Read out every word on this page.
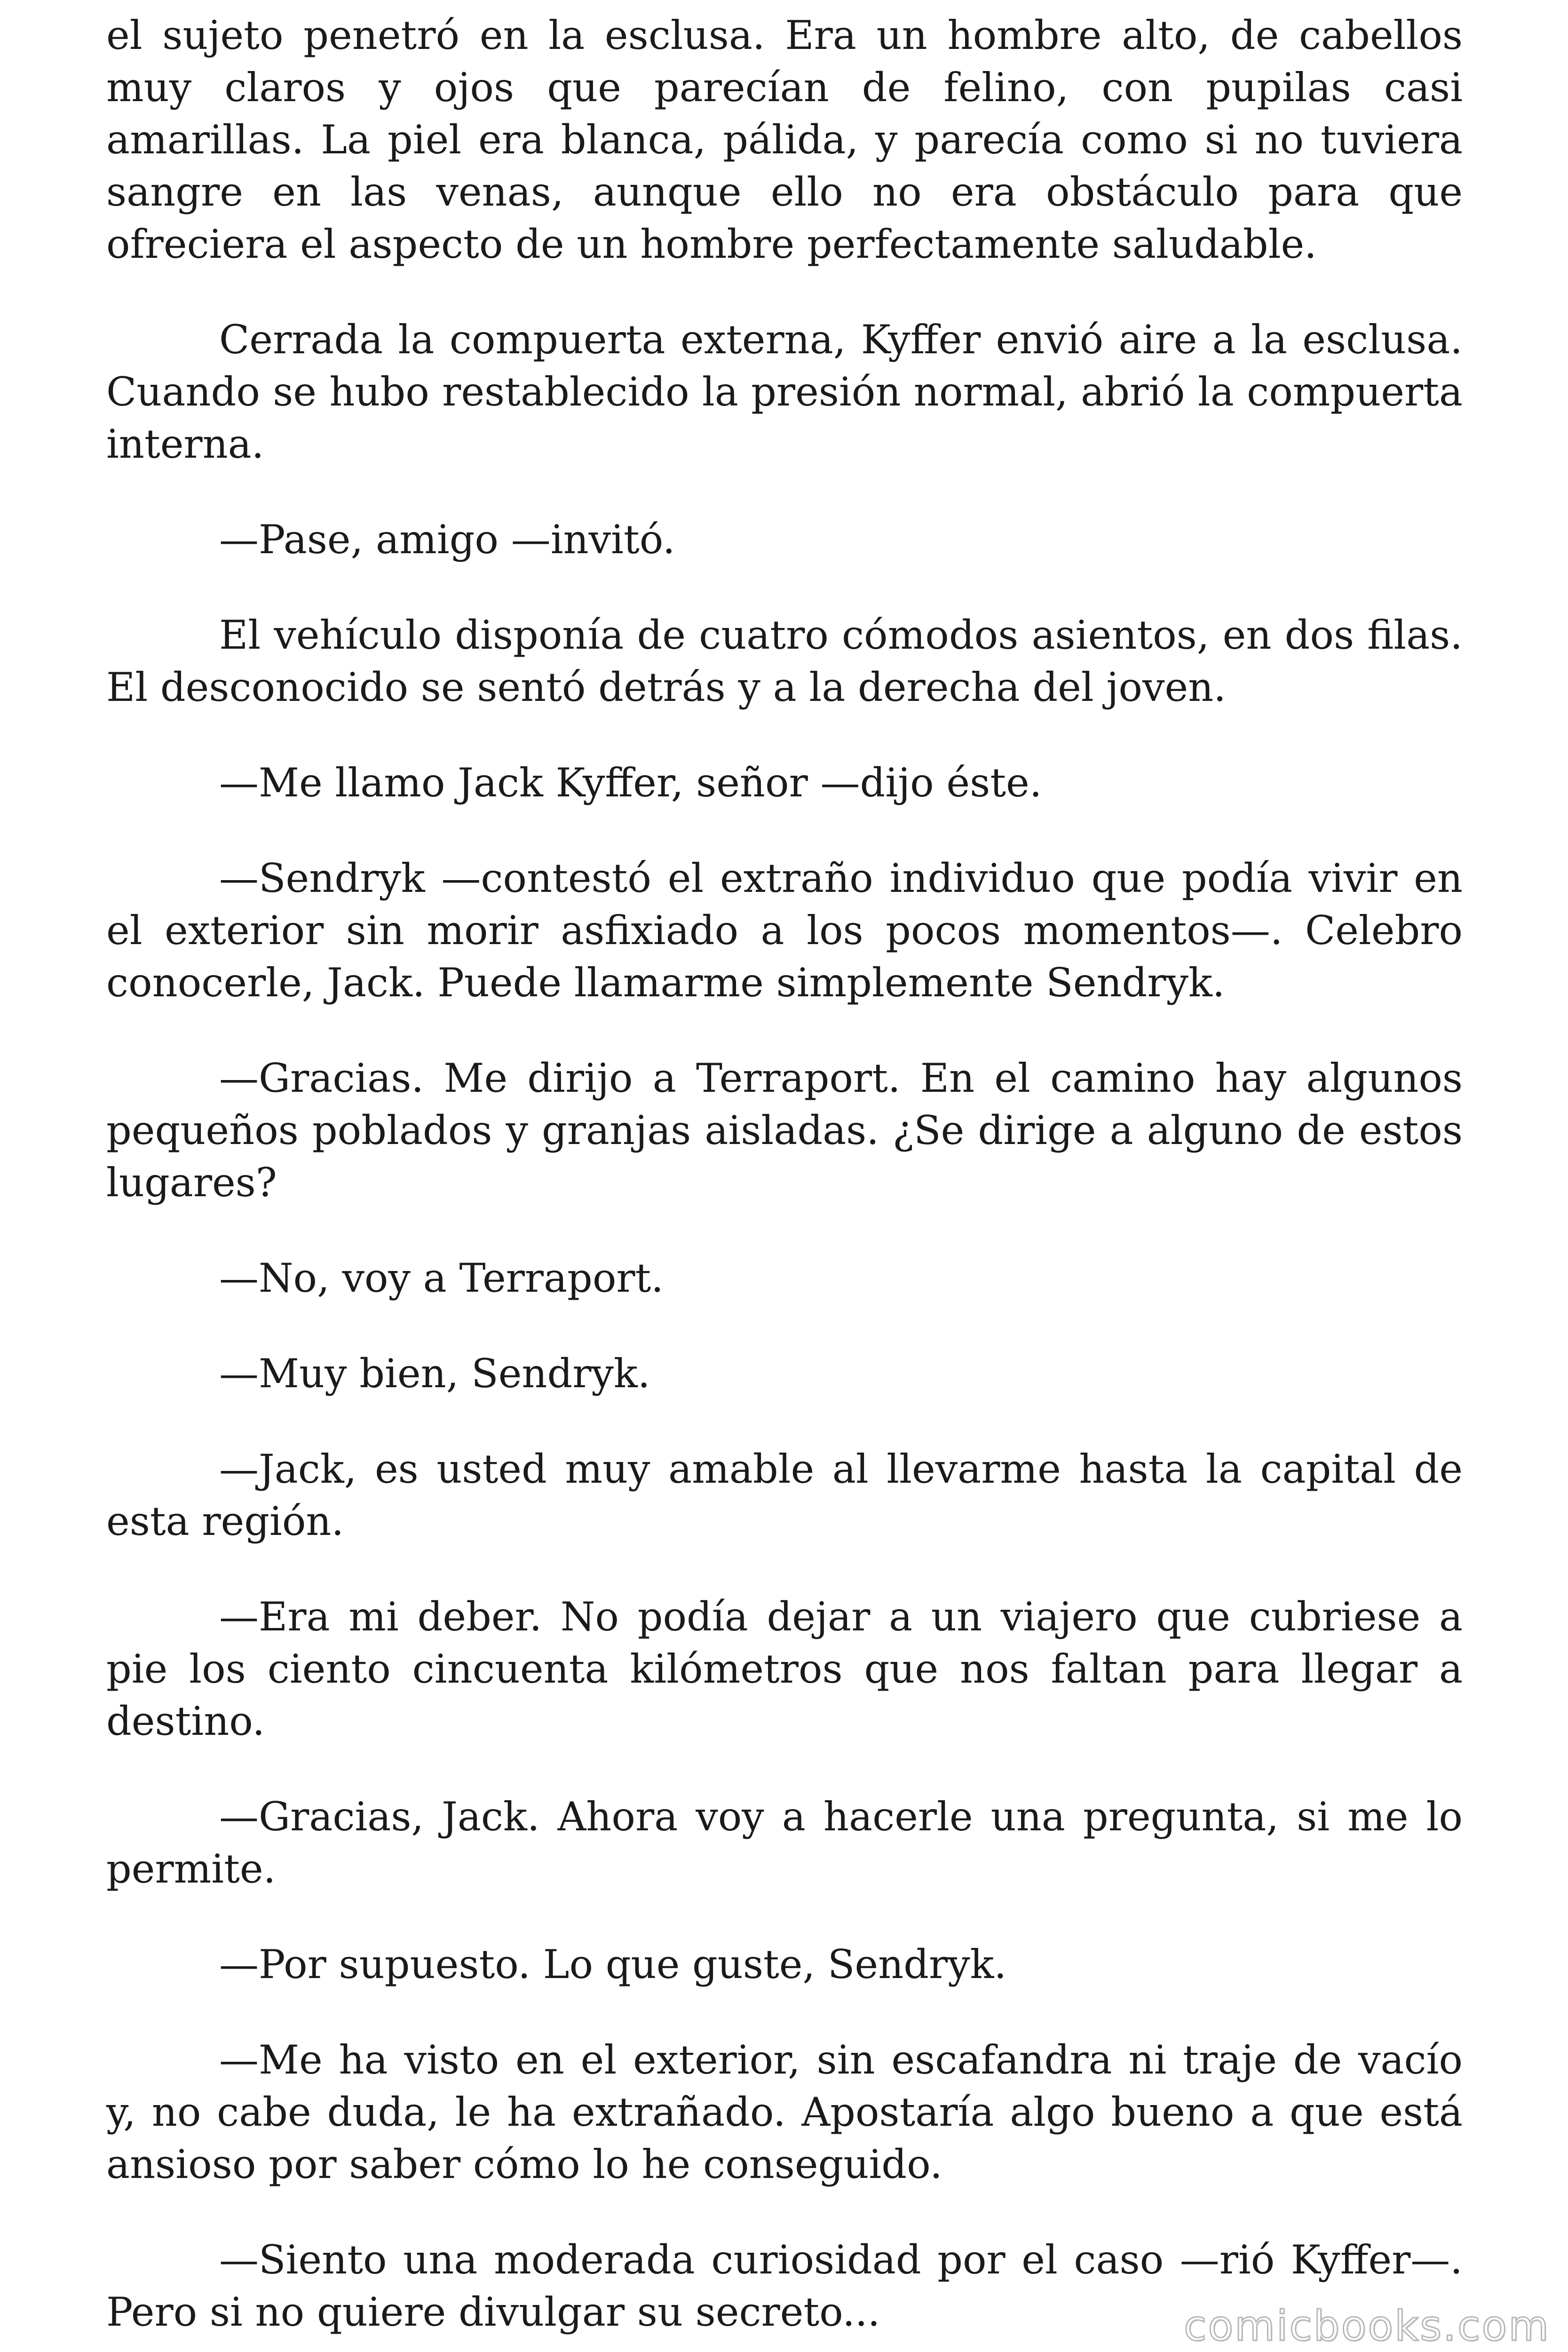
el sujeto penetró en la esclusa. Era un hombre alto, de cabellos muy claros y ojos que parecían de felino, con pupilas casi amarillas. La piel era blanca, pálida, y parecía como si no tuviera sangre en las venas, aunque ello no era obstáculo para que ofreciera el aspecto de un hombre perfectamente saludable.

Cerrada la compuerta externa, Kyffer envió aire a la esclusa. Cuando se hubo restablecido la presión normal, abrió la compuerta interna.

—Pase, amigo —invitó.

El vehículo disponía de cuatro cómodos asientos, en dos filas. El desconocido se sentó detrás y a la derecha del joven.

—Me llamo Jack Kyffer, señor —dijo éste.

—Sendryk —contestó el extraño individuo que podía vivir en el exterior sin morir asfixiado a los pocos momentos—. Celebro conocerle, Jack. Puede llamarme simplemente Sendryk.

—Gracias. Me dirijo a Terraport. En el camino hay algunos pequeños poblados y granjas aisladas. ¿Se dirige a alguno de estos lugares?

—No, voy a Terraport.

—Muy bien, Sendryk.

—Jack, es usted muy amable al llevarme hasta la capital de esta región.

—Era mi deber. No podía dejar a un viajero que cubriese a pie los ciento cincuenta kilómetros que nos faltan para llegar a destino.

—Gracias, Jack. Ahora voy a hacerle una pregunta, si me lo permite.

—Por supuesto. Lo que guste, Sendryk.

—Me ha visto en el exterior, sin escafandra ni traje de vacío y, no cabe duda, le ha extrañado. Apostaría algo bueno a que está ansioso por saber cómo lo he conseguido.

—Siento una moderada curiosidad por el caso —rió Kyffer—. Pero si no quiere divulgar su secreto...	comicbooks.com
